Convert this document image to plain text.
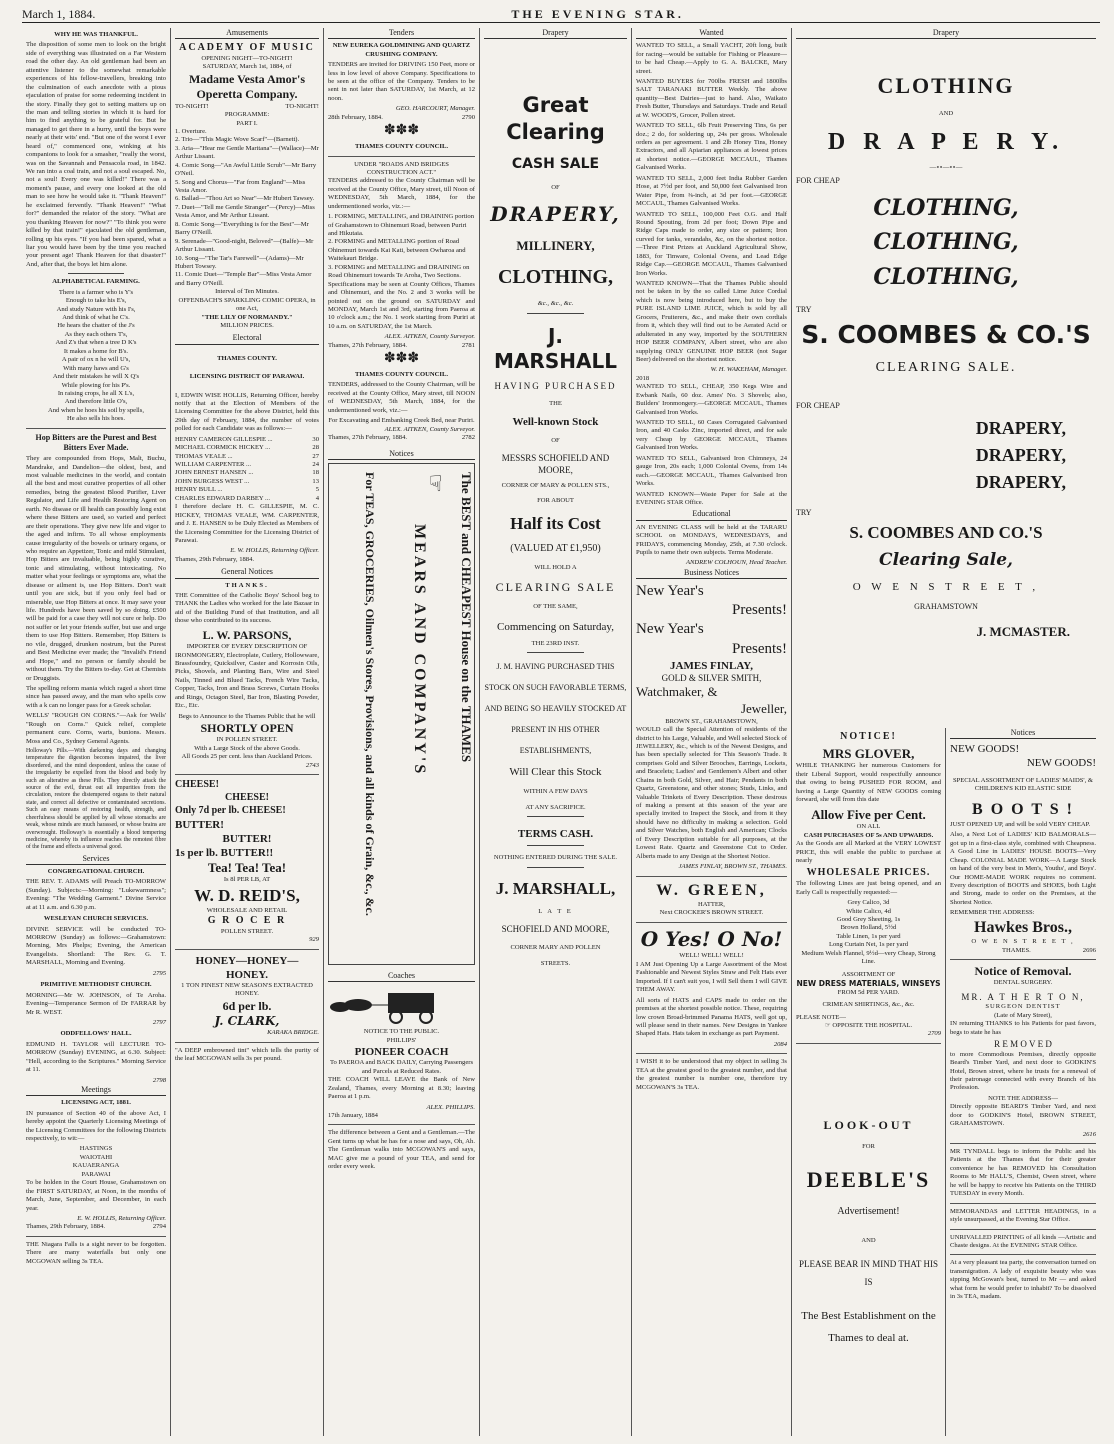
March 1, 1884.	THE EVENING STAR.
WHY HE WAS THANKFUL.

The disposition of some men to look on the bright side of everything was illustrated on a Far Western road the other day. An old gentleman had been an attentive listener to the somewhat remarkable experiences of his fellow-travellers, breaking into the culmination of each anecdote with a pious ejaculation of praise for some redeeming incident in the story. Finally they got to setting matters up on the man and telling stories in which it is hard for him to find anything to be grateful for. But he managed to get there in a hurry, until the boys were nearly at their wits' end. "But one of the worst I ever heard of," commenced one, winking at his companions to look for a smasher, "really the worst, was on the Savannah and Pensacola road, in 1842. We ran into a coal train, and not a soul escaped. No, not a soul! Every one was killed!" There was a moment's pause, and every one looked at the old man to see how he would take it. "Thank Heaven!" he exclaimed fervently. "Thank Heaven!" "What for?" demanded the relator of the story. "What are you thanking Heaven for now?" "To think you were killed by that train!" ejaculated the old gentleman, rolling up his eyes. "If you had been spared, what a liar you would have been by the time you reached your present age! Thank Heaven for that disaster!" And, after that, the boys let him alone.

ALPHABETICAL FARMING.
There is a farmer who is Y's
Enough to take his E's,
And study Nature with his I's,
And think of what he C's.
He hears the chatter of the J's
As they each others T's,
And Z's that when a tree D K's
It makes a home for B's.
A pair of ox n he will U's,
With many haws and G's
And their mistakes he will X Q's
While plowing for his P's.
In raising crops, he all X L's,
And therefore little O's,
And when he hoes his soil by spells,
He also sells his hoes.
Hop Bitters are the Purest and Best Bitters Ever Made.

They are compounded from Hops, Malt, Buchu, Mandrake, and Dandelion—the oldest, best, and most valuable medicines in the world, and contain all the best and most curative properties of all other remedies, being the greatest Blood Purifier, Liver Regulator, and Life and Health Restoring Agent on earth. No disease or ill health can possibly long exist where these Bitters are used, so varied and perfect are their operations. They give new life and vigor to the aged and infirm. To all whose employments cause irregularity of the bowels or urinary organs, or who require an Appetizer, Tonic and mild Stimulant, Hop Bitters are invaluable, being highly curative, tonic and stimulating, without intoxicating. No matter what your feelings or symptoms are, what the disease or ailment is, use Hop Bitters. Don't wait until you are sick, but if you only feel bad or miserable, use Hop Bitters at once. It may save your life. Hundreds have been saved by so doing. £500 will be paid for a case they will not cure or help. Do not suffer or let your friends suffer, but use and urge them to use Hop Bitters. Remember, Hop Bitters is no vile, drugged, drunken nostrum, but the Purest and Best Medicine ever made; the "Invalid's Friend and Hope," and no person or family should be without them. Try the Bitters to-day. Get at Chemists or Druggists.

The spelling reform mania which raged a short time since has passed away, and the man who spells cow with a k can no longer pass for a Greek scholar.

WELLS' "ROUGH ON CORNS."—Ask for Wells' "Rough on Corns." Quick relief, complete permanent cure. Corns, warts, bunions. Messrs. Moss and Co., Sydney General Agents.

Holloway's Pills.—With darkening days and changing temperature the digestion becomes impaired, the liver disordered, and the mind despondent, unless the cause of the irregularity be expelled from the blood and body by such an alterative as these Pills. They directly attack the source of the evil, thrust out all impurities from the circulation, restore the distempered organs to their natural state, and correct all defective or contaminated secretions. Such an easy means of restoring health, strength, and cheerfulness should be applied by all whose stomachs are weak, whose minds are much harassed, or whose brains are overwrought. Holloway's is essentially a blood tempering medicine, whereby its influence reaches the remotest fibre of the frame and effects a universal good.

Services
CONGREGATIONAL CHURCH.

THE REV. T. ADAMS will Preach TO-MORROW (Sunday). Subjects:—Morning: "Lukewarmness"; Evening: "The Wedding Garment." Divine Service at at 11 a.m. and 6.30 p.m.

WESLEYAN CHURCH SERVICES.

DIVINE SERVICE will be conducted TO-MORROW (Sunday) as follows:—Grahamstown: Morning, Mrs Phelps; Evening, the American Evangelists. Shortland: The Rev. G. T. MARSHALL, Morning and Evening.

2795
PRIMITIVE METHODIST CHURCH.

MORNING—Mr W. JOHNSON, of Te Aroha. Evening—Temperance Sermon of Dr FARRAR by Mr R. WEST.

2797
ODDFELLOWS' HALL.

EDMUND H. TAYLOR will LECTURE TO-MORROW (Sunday) EVENING, at 6.30. Subject: "Hell, according to the Scriptures." Morning Service at 11.

2798
Meetings
LICENSING ACT, 1881.

IN pursuance of Section 40 of the above Act, I hereby appoint the Quarterly Licensing Meetings of the Licensing Committees for the following Districts respectively, to wit:—

HASTINGS
WAIOTAHI
KAUAERANGA
PARAWAI

To be holden in the Court House, Grahamstown on the FIRST SATURDAY, at Noon, in the months of March, June, September, and December, in each year.

E. W. HOLLIS, Returning Officer.
Thames, 29th February, 1884.	2794

THE Niagara Falls is a sight never to be forgotten. There are many waterfalls but only one MCGOWAN selling 3s TEA.

Amusements
ACADEMY OF MUSIC
OPENING NIGHT—TO-NIGHT!
SATURDAY, March 1st, 1884, of
Madame Vesta Amor's
Operetta Company.
TO-NIGHT!	TO-NIGHT!
PROGRAMME:
PART I.
1. Overture.
2. Trio—"This Magic Wove Scarf"—(Barnett).
3. Aria—"Hear me Gentle Maritana"—(Wallace)—Mr Arthur Lissant.
4. Comic Song—"An Awful Little Scrub"—Mr Barry O'Neil.
5. Song and Chorus—"Far from England"—Miss Vesta Amor.
6. Ballad—"Thou Art so Near"—Mr Hubert Tawsey.
7. Duet—"Tell me Gentle Stranger"—(Percy)—Miss Vesta Amor, and Mr Arthur Lissant.
8. Comic Song—"Everything is for the Best"—Mr Barry O'Neill.
9. Serenade—"Good-night, Beloved"—(Balfe)—Mr Arthur Lissant.
10. Song—"The Tar's Farewell"—(Adams)—Mr Hubert Towsey.
11. Comic Duet—"Temple Bar"—Miss Vesta Amor and Barry O'Neill.
Interval of Ten Minutes.
OFFENBACH'S SPARKLING COMIC OPERA, in one Act,
"THE LILY OF NORMANDY."
MILLION PRICES.
Electoral
THAMES COUNTY.
LICENSING DISTRICT OF PARAWAI.

I, EDWIN WISE HOLLIS, Returning Officer, hereby notify that at the Election of Members of the Licensing Committee for the above District, held this 29th day of February, 1884, the number of votes polled for each Candidate was as follows:—

HENRY CAMERON GILLESPIE ...	30
MICHAEL CORMICK HICKEY ...	28
THOMAS VEALE ...	27
WILLIAM CARPENTER ...	24
JOHN ERNEST HANSEN ...	18
JOHN BURGESS WEST ...	13
HENRY BULL ...	5
CHARLES EDWARD DARBEY ...	4

I therefore declare H. C. GILLESPIE, M. C. HICKEY, THOMAS VEALE, WM. CARPENTER, and J. E. HANSEN to be Duly Elected as Members of the Licensing Committee for the Licensing District of Parawai.

E. W. HOLLIS, Returning Officer.
Thames, 29th February, 1884.
General Notices
THANKS.

THE Committee of the Catholic Boys' School beg to THANK the Ladies who worked for the late Bazaar in aid of the Building Fund of that Institution, and all those who contributed to its success.

L. W. PARSONS,
IMPORTER OF EVERY DESCRIPTION OF

IRONMONGERY, Electroplate, Cutlery, Hollowware, Brassfoundry, Quicksilver, Caster and Korrosin Oils, Picks, Shovels, and Planting Bars, Wire and Steel Nails, Tinned and Blued Tacks, French Wire Tacks, Copper, Tacks, Iron and Brass Screws, Curtain Hooks and Rings, Octagon Steel, Bar Iron, Blasting Powder, Etc., Etc.

Begs to Announce to the Thames Public that he will
SHORTLY OPEN
IN POLLEN STREET.
With a Large Stock of the above Goods.
All Goods 25 per cent. less than Auckland Prices.
2743
CHEESE!
CHEESE!
Only 7d per lb. CHEESE!
BUTTER!
BUTTER!
1s per lb. BUTTER!!
Tea! Tea! Tea!
Is 8l PER LB, AT
W. D. REID'S,
WHOLESALE AND RETAIL
G R O C E R
POLLEN STREET.
929
HONEY—HONEY—HONEY.
1 TON FINEST NEW SEASON'S EXTRACTED HONEY.
6d per lb.
J. CLARK,
KARAKA BRIDGE.

"A DEEP embrowned tint" which tells the purity of the leaf MCGOWAN sells 3s per pound.

Tenders
NEW EUREKA GOLDMINING AND QUARTZ CRUSHING COMPANY.

TENDERS are invited for DRIVING 150 Feet, more or less in low level of above Company. Specifications to be seen at the office of the Company. Tenders to be sent in not later than SATURDAY, 1st March, at 12 noon.

GEO. HARCOURT, Manager.
28th February, 1884.	2790
✽✽✽
THAMES COUNTY COUNCIL.
UNDER "ROADS AND BRIDGES CONSTRUCTION ACT."

TENDERS addressed to the County Chairman will be received at the County Office, Mary street, till Noon of WEDNESDAY, 5th March, 1884, for the undermentioned works, viz.:—

1. FORMING, METALLING, and DRAINING portion of Grahamstown to Ohinemuri Road, between Puriri and Hikutaia.
2. FORMING and METALLING portion of Road Ohinemuri towards Kai Kati, between Owharoa and Waitekauri Bridge.
3. FORMING and METALLING and DRAINING on Road Ohinemuri towards Te Aroha, Two Sections.

Specifications may be seen at County Offices, Thames and Ohinemuri, and the No. 2 and 3 works will be pointed out on the ground on SATURDAY and MONDAY, March 1st and 3rd, starting from Paeroa at 10 o'clock a.m.; the No. 1 work starting from Puriri at 10 a.m. on SATURDAY, the 1st March.

ALEX. AITKEN, County Surveyor.
Thames, 27th February, 1884.	2781
✽✽✽
THAMES COUNTY COUNCIL.

TENDERS, addressed to the County Chairman, will be received at the County Office, Mary street, till NOON of WEDNESDAY, 5th March, 1884, for the undermentioned work, viz.:—

For Excavating and Embanking Creek Bed, near Puriri.
ALEX. AITKEN, County Surveyor.
Thames, 27th February, 1884.	2782
Notices
The BEST and CHEAPEST House on the THAMES
MEARS AND COMPANY'S
For TEAS, GROCERIES, Oilmen's Stores, Provisions, and all kinds of Grain, &c., &c. ☟
Coaches
NOTICE TO THE PUBLIC.
PHILLIPS'
PIONEER COACH
To PAEROA and BACK DAILY, Carrying Passengers and Parcels at Reduced Rates.

THE COACH WILL LEAVE the Bank of New Zealand, Thames, every Morning at 8.30; leaving Paeroa at 1 p.m.

ALEX. PHILLIPS.
17th January, 1884

The difference between a Gent and a Gentleman.—The Gent turns up what he has for a nose and says, Oh, Ah. The Gentleman walks into MCGOWAN'S and says, MAC give me a pound of your TEA, and send for order every week.

Drapery
Great Clearing
CASH SALE
OF
DRAPERY,
MILLINERY,
CLOTHING,
&c., &c., &c.
J. MARSHALL
HAVING PURCHASED
THE
Well-known Stock
OF
MESSRS SCHOFIELD AND MOORE,
CORNER OF MARY & POLLEN STS.,
FOR ABOUT
Half its Cost
(VALUED AT £1,950)
WILL HOLD A
CLEARING SALE
OF THE SAME,
Commencing on Saturday,
THE 23RD INST.

J. M. HAVING PURCHASED THIS STOCK ON SUCH FAVORABLE TERMS, AND BEING SO HEAVILY STOCKED AT PRESENT IN HIS OTHER ESTABLISHMENTS,

Will Clear this Stock
WITHIN A FEW DAYS
AT ANY SACRIFICE.
TERMS CASH.
NOTHING ENTERED DURING THE SALE.
J. MARSHALL,
L A T E
SCHOFIELD AND MOORE,
CORNER MARY AND POLLEN
STREETS.
Wanted

WANTED TO SELL, a Small YACHT, 20ft long, built for racing—would be suitable for Fishing or Pleasure—to be had Cheap.—Apply to G. A. BALCKE, Mary street.

WANTED BUYERS for 700lbs FRESH and 1800lbs SALT TARANAKI BUTTER Weekly. The above quantity—Best Dairies—just to hand. Also, Waikato Fresh Butter, Thursdays and Saturdays. Trade and Retail at W. WOOD'S, Grocer, Pollen street.

WANTED TO SELL, 6lb Fruit Preserving Tins, 6s per doz.; 2 do, for soldering up, 24s per gross. Wholesale orders as per agreement. 1 and 2lb Honey Tins, Honey Extractors, and all Apiarian appliances at lowest prices at shortest notice.—GEORGE MCCAUL, Thames Galvanised Works.

WANTED TO SELL, 2,000 feet India Rubber Garden Hose, at 7½d per foot, and 50,000 feet Galvanised Iron Water Pipe, from ⅜-inch, at 3d per foot.—GEORGE MCCAUL, Thames Galvanised Works.

WANTED TO SELL, 100,000 Feet O.G. and Half Round Spouting, from 2d per foot; Down Pipe and Ridge Caps made to order, any size or pattern; Iron curved for tanks, verandahs, &c, on the shortest notice.—Three First Prizes at Auckland Agricultural Show, 1883, for Tinware, Colonial Ovens, and Lead Edge Ridge Cap.—GEORGE MCCAUL, Thames Galvanised Iron Works.

WANTED KNOWN—That the Thames Public should not be taken in by the so called Lime Juice Cordial which is now being introduced here, but to buy the PURE ISLAND LIME JUICE, which is sold by all Grocers, Fruiterers, &c., and make their own cordials from it, which they will find out to be Aerated Acid or adulterated in any way, imported by the SOUTHERN HOP BEER COMPANY, Albert street, who are also supplying ONLY GENUINE HOP BEER (not Sugar Beer) delivered on the shortest notice.

W. H. WAKEHAM, Manager.
2018

WANTED TO SELL, CHEAP, 350 Kegs Wire and Ewbank Nails, 60 doz. Ames' No. 3 Shovels; also, Builders' Ironmongery.—GEORGE MCCAUL, Thames Galvanised Iron Works.

WANTED TO SELL, 60 Cases Corrugated Galvanised Iron, and 40 Casks Zinc, imported direct, and for sale very Cheap by GEORGE MCCAUL, Thames Galvanised Iron Works.

WANTED TO SELL, Galvanised Iron Chimneys, 24 gauge Iron, 20s each; 1,000 Colonial Ovens, from 14s each.—GEORGE MCCAUL, Thames Galvanised Iron Works.

WANTED KNOWN—Waste Paper for Sale at the EVENING STAR Office.

Educational

AN EVENING CLASS will be held at the TARARU SCHOOL on MONDAYS, WEDNESDAYS, and FRIDAYS, commencing Monday, 25th, at 7.30 o'clock. Pupils to name their own subjects. Terms Moderate.

ANDREW COLHOUN, Head Teacher.
Business Notices
New Year's
Presents!
New Year's
Presents!
JAMES FINLAY,
GOLD & SILVER SMITH,
Watchmaker, &
Jeweller,
BROWN ST., GRAHAMSTOWN,

WOULD call the Special Attention of residents of the district to his Large, Valuable, and Well selected Stock of JEWELLERY, &c., which is of the Newest Designs, and has been specially selected for This Season's Trade. It comprises Gold and Silver Brooches, Earrings, Lockets, and Bracelets; Ladies' and Gentlemen's Albert and other Chains in both Gold, Silver, and Hair; Pendants in both Quartz, Greenstone, and other stones; Studs, Links, and Valuable Trinkets of Every Description. These desirous of making a present at this season of the year are specially invited to Inspect the Stock, and from it they should have no difficulty in making a selection. Gold and Silver Watches, both English and American; Clocks of Every Description suitable for all purposes, at the Lowest Rate. Quartz and Greenstone Cut to Order. Alberts made to any Design at the Shortest Notice.

JAMES FINLAY, BROWN ST., THAMES.
W. GREEN,
HATTER,
Next CROCKER'S BROWN STREET.
O Yes! O No!
WELL! WELL! WELL!

I AM Just Opening Up a Large Assortment of the Most Fashionable and Newest Styles Straw and Felt Hats ever Imported. If I can't suit you, I will Sell them I will GIVE THEM AWAY.

All sorts of HATS and CAPS made to order on the premises at the shortest possible notice. These, requiring low crown Broad-brimmed Panama HATS, well got up, will please send in their names. New Designs in Yankee Shaped Hats. Hats taken in exchange as part Payment.

2084

I WISH it to be understood that my object in selling 3s TEA at the greatest good to the greatest number, and that the greatest number is number one, therefore try MCGOWAN'S 3s TEA.

Drapery
CLOTHING
AND
D R A P E R Y.
—∘∘—∘∘—
FOR CHEAP
CLOTHING,
CLOTHING,
CLOTHING,
TRY
S. COOMBES & CO.'S
CLEARING SALE.
FOR CHEAP
DRAPERY,
DRAPERY,
DRAPERY,
TRY
S. COOMBES AND CO.'S
Clearing Sale,
O W E N S T R E E T ,
GRAHAMSTOWN
J. MCMASTER.
NOTICE!
MRS GLOVER,

WHILE THANKING her numerous Customers for their Liberal Support, would respectfully announce that owing to being PUSHED FOR ROOM, and having a Large Quantity of NEW GOODS coming forward, she will from this date

Allow Five per Cent.
ON ALL
CASH PURCHASES OF 5s AND UPWARDS.

As the Goods are all Marked at the VERY LOWEST PRICE, this will enable the public to purchase at nearly

WHOLESALE PRICES.

The following Lines are just being opened, and an Early Call is respectfully requested:—

Grey Calico, 3d
White Calico, 4d
Good Grey Sheeting, 1s
Brown Holland, 5½d
Table Linen, 1s per yard
Long Curtain Net, 1s per yard
Medium Welsh Flannel, 9½d—very Cheap, Strong Line.
ASSORTMENT OF
NEW DRESS MATERIALS, WINSEYS
FROM 5d PER YARD.
CRIMEAN SHIRTINGS, &c., &c.
PLEASE NOTE—
☞ OPPOSITE THE HOSPITAL.
2709
LOOK-OUT
FOR
DEEBLE'S
Advertisement!
AND
PLEASE BEAR IN MIND THAT HIS IS
The Best Establishment on the Thames to deal at.
Notices
NEW GOODS!
NEW GOODS!

SPECIAL ASSORTMENT OF LADIES' MAIDS', & CHILDREN'S KID ELASTIC SIDE

B O O T S !

JUST OPENED UP, and will be sold VERY CHEAP.

Also, a Next Lot of LADIES' KID BALMORALS—got up in a first-class style, combined with Cheapness. A Good Line in LADIES' HOUSE BOOTS—Very Cheap. COLONIAL MADE WORK—A Large Stock on hand of the very best in Men's, Youths', and Boys'. Our HOME-MADE WORK requires no comment. Every description of BOOTS and SHOES, both Light and Strong, made to order on the Premises, at the Shortest Notice.

REMEMBER THE ADDRESS:
Hawkes Bros.,
O W E N S T R E E T ,
THAMES.	2696
Notice of Removal.
DENTAL SURGERY.
MR. A T H E R T O N,
SURGEON DENTIST
(Late of Mary Street),

IN returning THANKS to his Patients for past favors, begs to state he has

R E M O V E D

to more Commodious Premises, directly opposite Beard's Timber Yard, and next door to GODKIN'S Hotel, Brown street, where he trusts for a renewal of their patronage connected with every Branch of his Profession.

NOTE THE ADDRESS—

Directly opposite BEARD'S Timber Yard, and next door to GODKIN'S Hotel, BROWN STREET, GRAHAMSTOWN.

2616

MR TYNDALL begs to inform the Public and his Patients at the Thames that for their greater convenience he has REMOVED his Consultation Rooms to Mr HALL'S, Chemist, Owen street, where he will be happy to receive his Patients on the THIRD TUESDAY in every Month.

MEMORANDAS and LETTER HEADINGS, in a style unsurpassed, at the Evening Star Office.

UNRIVALLED PRINTING of all kinds —Artistic and Chaste designs. At the EVENING STAR Office.

At a very pleasant tea party, the conversation turned on transmigration. A lady of exquisite beauty who was sipping McGowan's best, turned to Mr — and asked what form he would prefer to inhabit? To be dissolved in 3s TEA, madam.
